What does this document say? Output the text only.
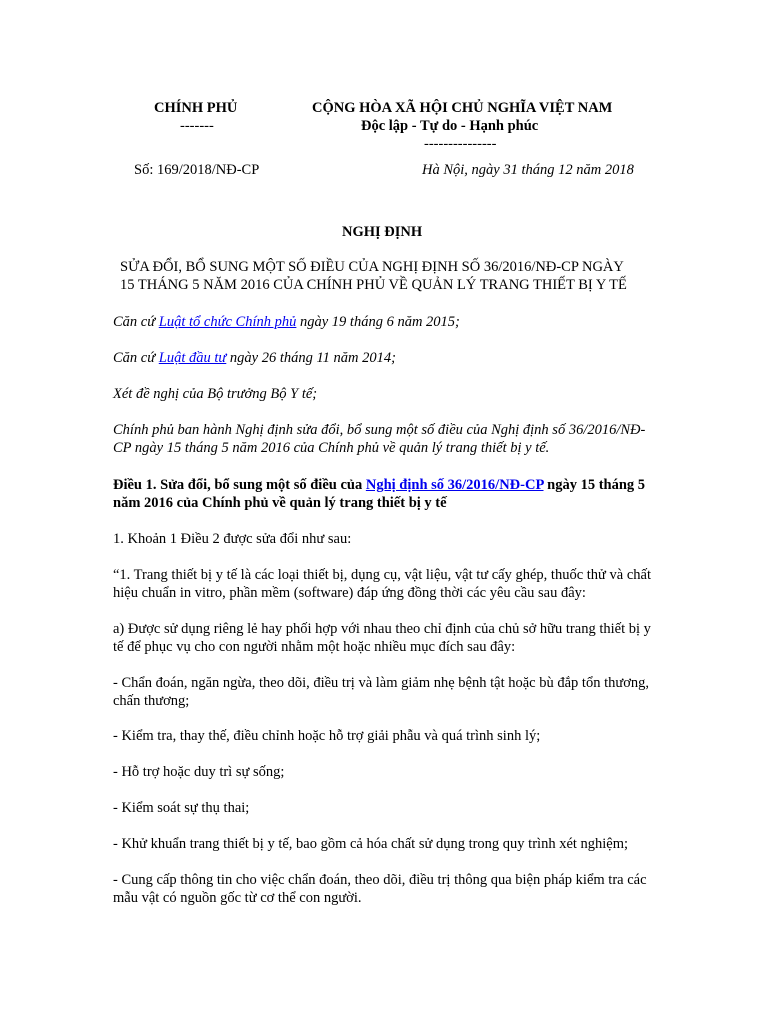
CHÍNH PHỦ
-------
CỘNG HÒA XÃ HỘI CHỦ NGHĨA VIỆT NAM
Độc lập - Tự do - Hạnh phúc
---------------
Số: 169/2018/NĐ-CP	Hà Nội, ngày 31 tháng 12 năm 2018
NGHỊ ĐỊNH
SỬA ĐỔI, BỔ SUNG MỘT SỐ ĐIỀU CỦA NGHỊ ĐỊNH SỐ 36/2016/NĐ-CP NGÀY
15 THÁNG 5 NĂM 2016 CỦA CHÍNH PHỦ VỀ QUẢN LÝ TRANG THIẾT BỊ Y TẾ
Căn cứ Luật tổ chức Chính phủ ngày 19 tháng 6 năm 2015;
Căn cứ Luật đầu tư ngày 26 tháng 11 năm 2014;
Xét đề nghị của Bộ trưởng Bộ Y tế;
Chính phủ ban hành Nghị định sửa đổi, bổ sung một số điều của Nghị định số 36/2016/NĐ-CP ngày 15 tháng 5 năm 2016 của Chính phủ về quản lý trang thiết bị y tế.
Điều 1. Sửa đổi, bổ sung một số điều của Nghị định số 36/2016/NĐ-CP ngày 15 tháng 5 năm 2016 của Chính phủ về quản lý trang thiết bị y tế
1. Khoản 1 Điều 2 được sửa đổi như sau:
“1. Trang thiết bị y tế là các loại thiết bị, dụng cụ, vật liệu, vật tư cấy ghép, thuốc thử và chất hiệu chuẩn in vitro, phần mềm (software) đáp ứng đồng thời các yêu cầu sau đây:
a) Được sử dụng riêng lẻ hay phối hợp với nhau theo chỉ định của chủ sở hữu trang thiết bị y tế để phục vụ cho con người nhằm một hoặc nhiều mục đích sau đây:
- Chẩn đoán, ngăn ngừa, theo dõi, điều trị và làm giảm nhẹ bệnh tật hoặc bù đắp tổn thương, chấn thương;
- Kiểm tra, thay thế, điều chỉnh hoặc hỗ trợ giải phẫu và quá trình sinh lý;
- Hỗ trợ hoặc duy trì sự sống;
- Kiểm soát sự thụ thai;
- Khử khuẩn trang thiết bị y tế, bao gồm cả hóa chất sử dụng trong quy trình xét nghiệm;
- Cung cấp thông tin cho việc chẩn đoán, theo dõi, điều trị thông qua biện pháp kiểm tra các mẫu vật có nguồn gốc từ cơ thể con người.
